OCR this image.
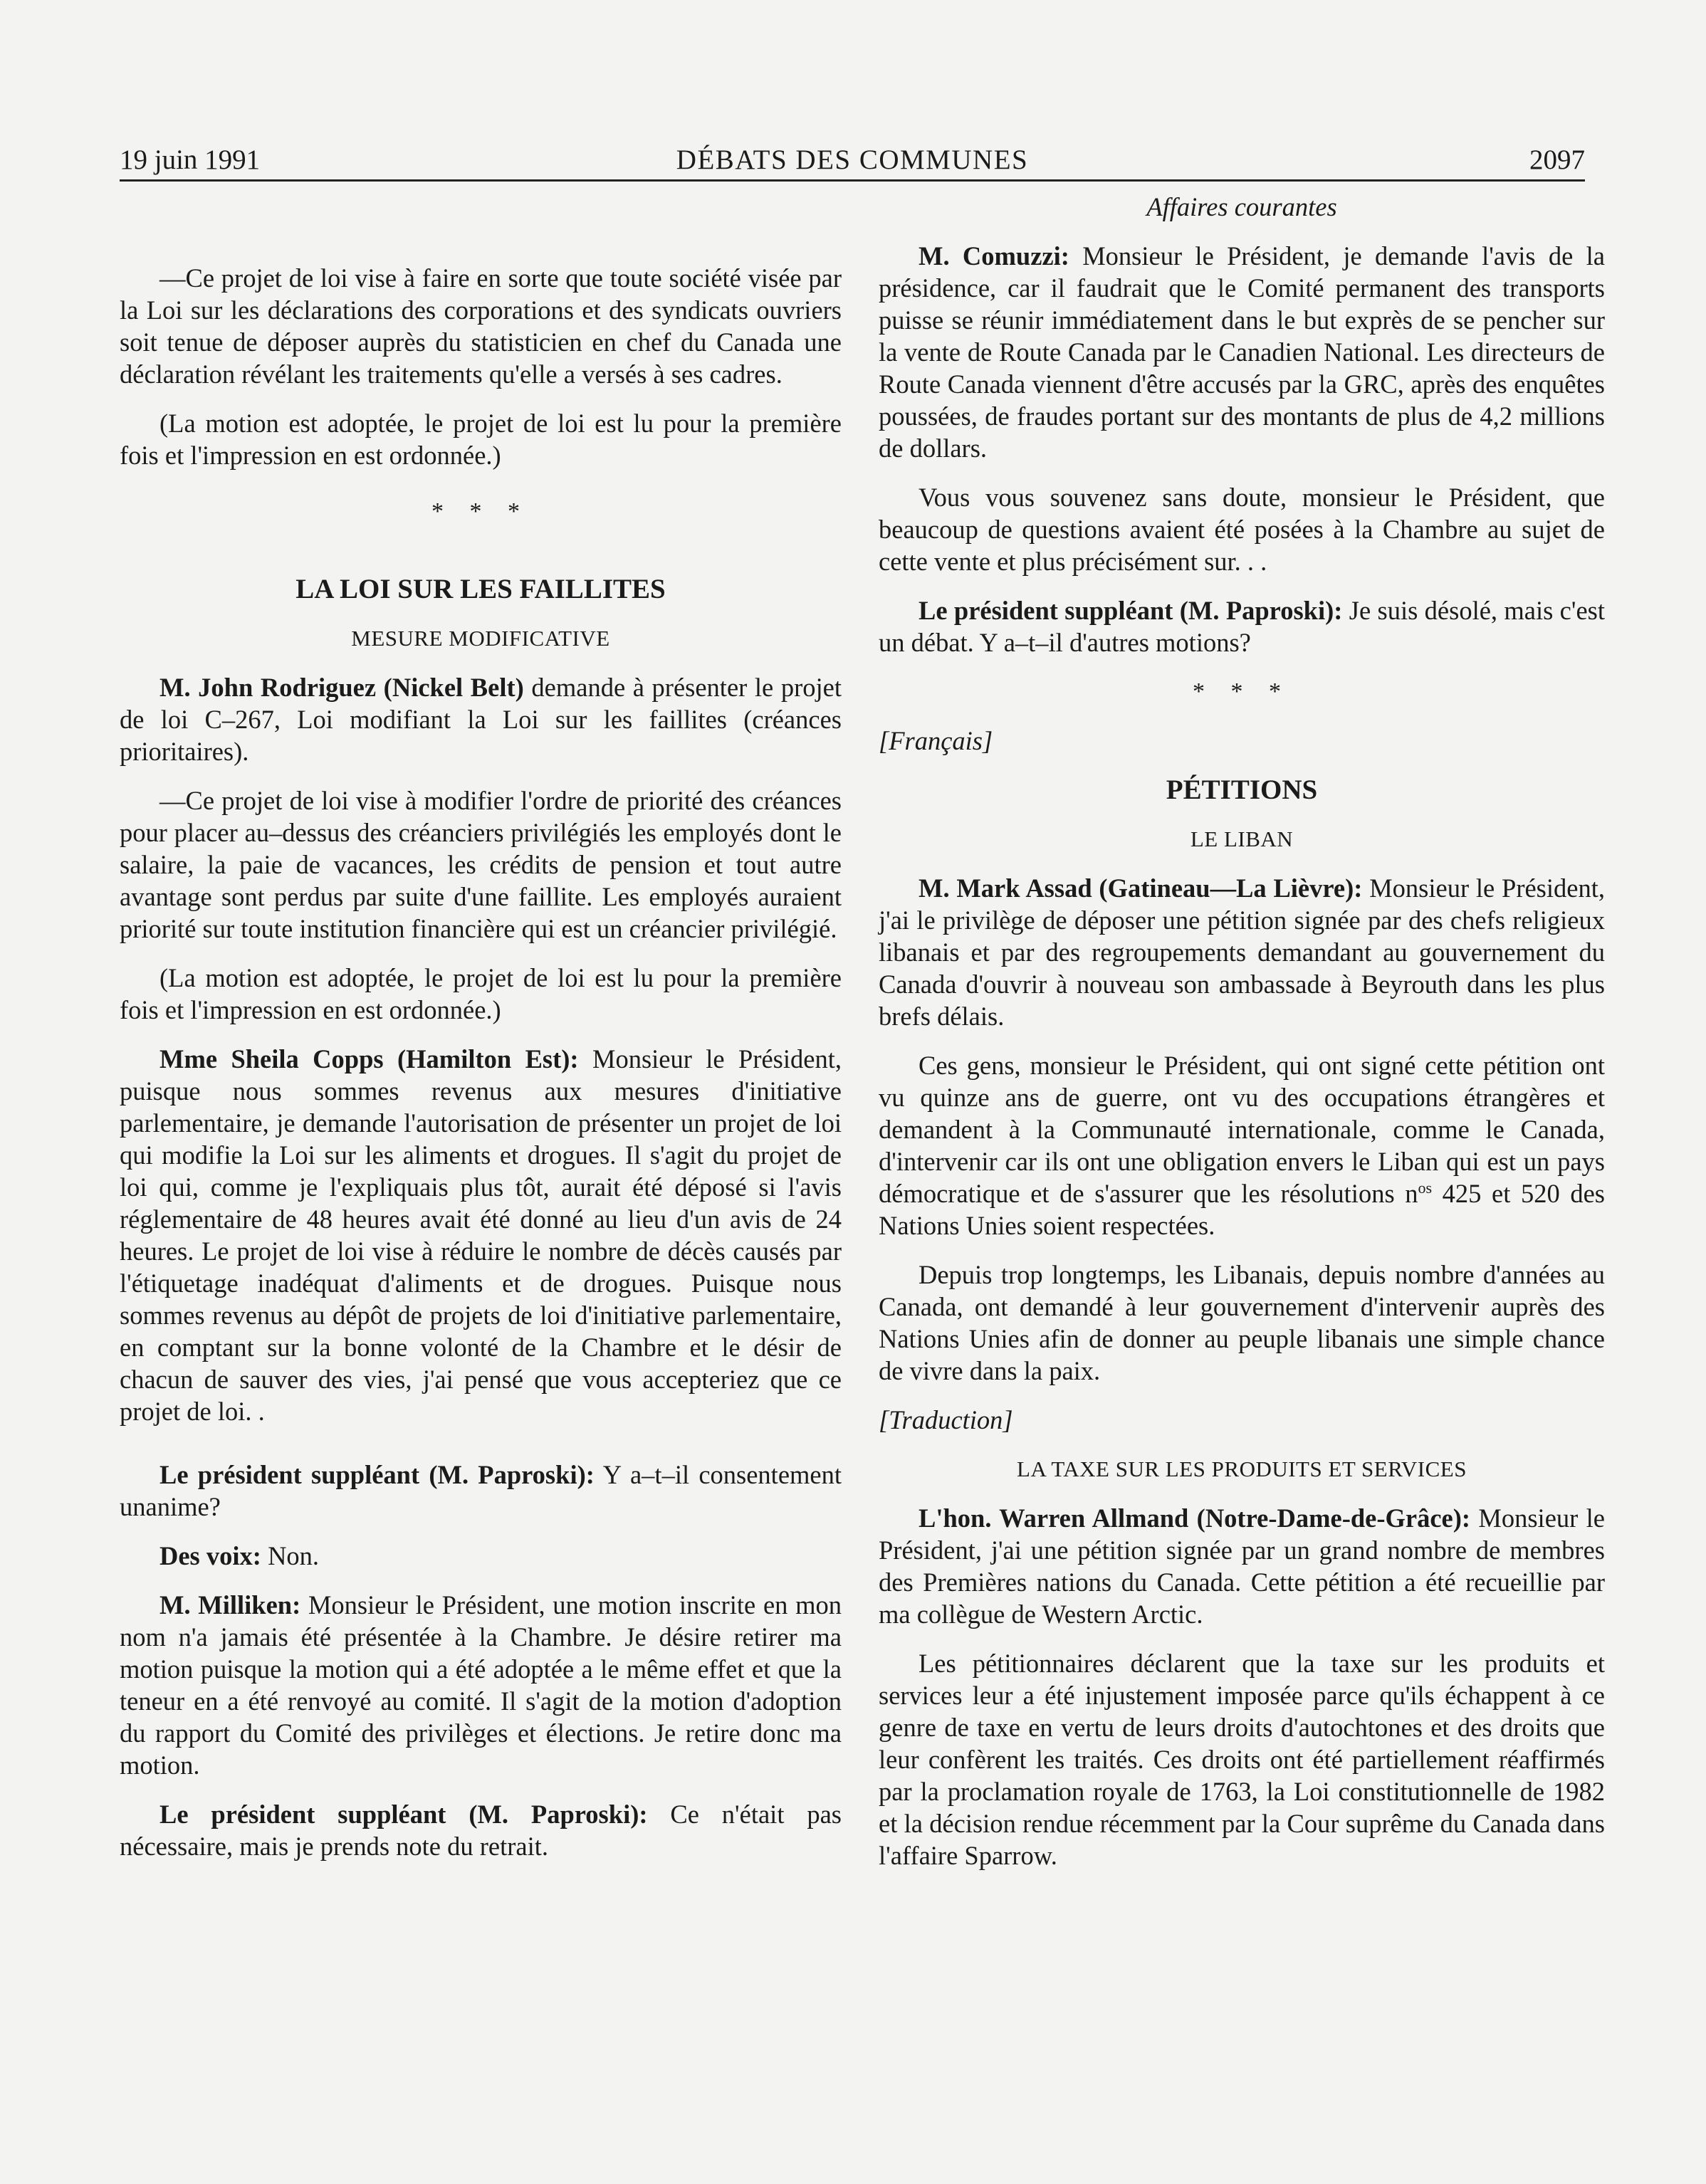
19 juin 1991	DÉBATS DES COMMUNES	2097

—Ce projet de loi vise à faire en sorte que toute société visée par la Loi sur les déclarations des corporations et des syndicats ouvriers soit tenue de déposer auprès du statisticien en chef du Canada une déclaration révélant les traitements qu'elle a versés à ses cadres.

(La motion est adoptée, le projet de loi est lu pour la première fois et l'impression en est ordonnée.)

* * *

LA LOI SUR LES FAILLITES

MESURE MODIFICATIVE

M. John Rodriguez (Nickel Belt) demande à présenter le projet de loi C–267, Loi modifiant la Loi sur les faillites (créances prioritaires).

—Ce projet de loi vise à modifier l'ordre de priorité des créances pour placer au–dessus des créanciers privilégiés les employés dont le salaire, la paie de vacances, les crédits de pension et tout autre avantage sont perdus par suite d'une faillite. Les employés auraient priorité sur toute institution financière qui est un créancier privilégié.

(La motion est adoptée, le projet de loi est lu pour la première fois et l'impression en est ordonnée.)

Mme Sheila Copps (Hamilton Est): Monsieur le Président, puisque nous sommes revenus aux mesures d'initiative parlementaire, je demande l'autorisation de présenter un projet de loi qui modifie la Loi sur les aliments et drogues. Il s'agit du projet de loi qui, comme je l'expliquais plus tôt, aurait été déposé si l'avis réglementaire de 48 heures avait été donné au lieu d'un avis de 24 heures. Le projet de loi vise à réduire le nombre de décès causés par l'étiquetage inadéquat d'aliments et de drogues. Puisque nous sommes revenus au dépôt de projets de loi d'initiative parlementaire, en comptant sur la bonne volonté de la Chambre et le désir de chacun de sauver des vies, j'ai pensé que vous accepteriez que ce projet de loi. .

Le président suppléant (M. Paproski): Y a–t–il consentement unanime?

Des voix: Non.

M. Milliken: Monsieur le Président, une motion inscrite en mon nom n'a jamais été présentée à la Chambre. Je désire retirer ma motion puisque la motion qui a été adoptée a le même effet et que la teneur en a été renvoyé au comité. Il s'agit de la motion d'adoption du rapport du Comité des privilèges et élections. Je retire donc ma motion.

Le président suppléant (M. Paproski): Ce n'était pas nécessaire, mais je prends note du retrait.

Affaires courantes

M. Comuzzi: Monsieur le Président, je demande l'avis de la présidence, car il faudrait que le Comité permanent des transports puisse se réunir immédiatement dans le but exprès de se pencher sur la vente de Route Canada par le Canadien National. Les directeurs de Route Canada viennent d'être accusés par la GRC, après des enquêtes poussées, de fraudes portant sur des montants de plus de 4,2 millions de dollars.

Vous vous souvenez sans doute, monsieur le Président, que beaucoup de questions avaient été posées à la Chambre au sujet de cette vente et plus précisément sur. . .

Le président suppléant (M. Paproski): Je suis désolé, mais c'est un débat. Y a–t–il d'autres motions?

* * *

[Français]

PÉTITIONS

LE LIBAN

M. Mark Assad (Gatineau—La Lièvre): Monsieur le Président, j'ai le privilège de déposer une pétition signée par des chefs religieux libanais et par des regroupements demandant au gouvernement du Canada d'ouvrir à nouveau son ambassade à Beyrouth dans les plus brefs délais.

Ces gens, monsieur le Président, qui ont signé cette pétition ont vu quinze ans de guerre, ont vu des occupations étrangères et demandent à la Communauté internationale, comme le Canada, d'intervenir car ils ont une obligation envers le Liban qui est un pays démocratique et de s'assurer que les résolutions $n^{os}$ 425 et 520 des Nations Unies soient respectées.

Depuis trop longtemps, les Libanais, depuis nombre d'années au Canada, ont demandé à leur gouvernement d'intervenir auprès des Nations Unies afin de donner au peuple libanais une simple chance de vivre dans la paix.

[Traduction]

LA TAXE SUR LES PRODUITS ET SERVICES

L'hon. Warren Allmand (Notre-Dame-de-Grâce): Monsieur le Président, j'ai une pétition signée par un grand nombre de membres des Premières nations du Canada. Cette pétition a été recueillie par ma collègue de Western Arctic.

Les pétitionnaires déclarent que la taxe sur les produits et services leur a été injustement imposée parce qu'ils échappent à ce genre de taxe en vertu de leurs droits d'autochtones et des droits que leur confèrent les traités. Ces droits ont été partiellement réaffirmés par la proclamation royale de 1763, la Loi constitutionnelle de 1982 et la décision rendue récemment par la Cour suprême du Canada dans l'affaire Sparrow.
